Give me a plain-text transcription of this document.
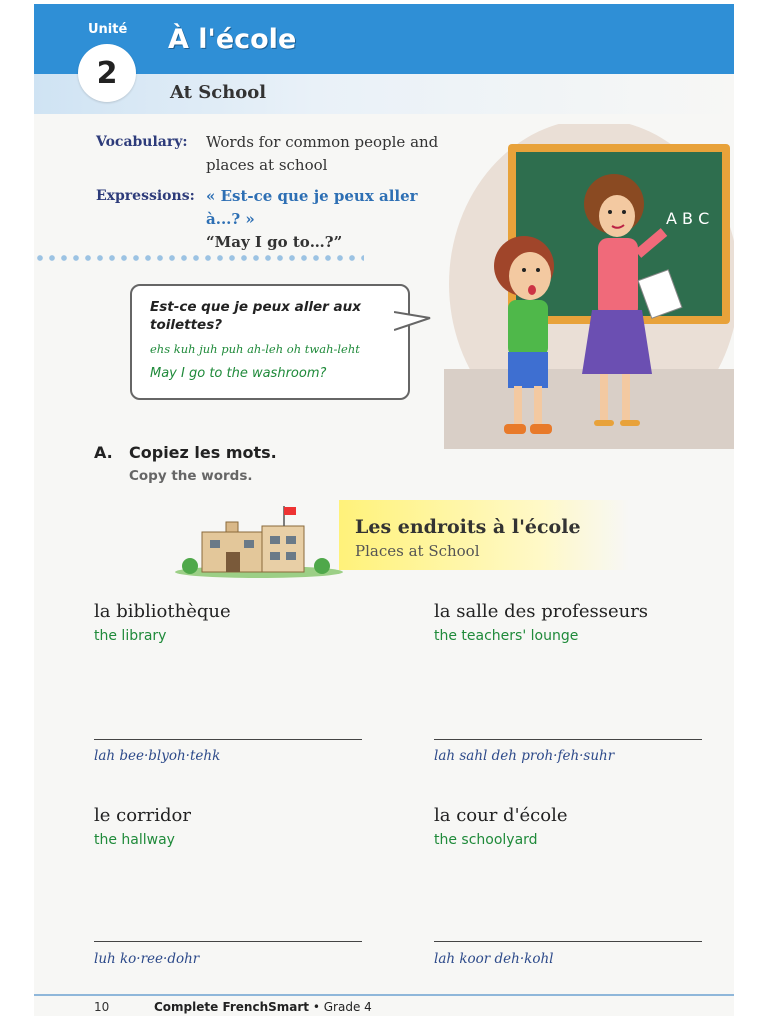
Unité
2
À l'école
At School
Vocabulary: Words for common people and places at school
Expressions: « Est-ce que je peux aller à...? »
“May I go to…?”
Est-ce que je peux aller aux toilettes?
ehs kuh juh puh ah-leh oh twah-leht
May I go to the washroom?
A B C
A. Copiez les mots.
Copy the words.
Les endroits à l'école
Places at School
la bibliothèque
the library
lah bee·blyoh·tehk
la salle des professeurs
the teachers' lounge
lah sahl deh proh·feh·suhr
le corridor
the hallway
luh ko·ree·dohr
la cour d'école
the schoolyard
lah koor deh·kohl
10	Complete FrenchSmart • Grade 4
